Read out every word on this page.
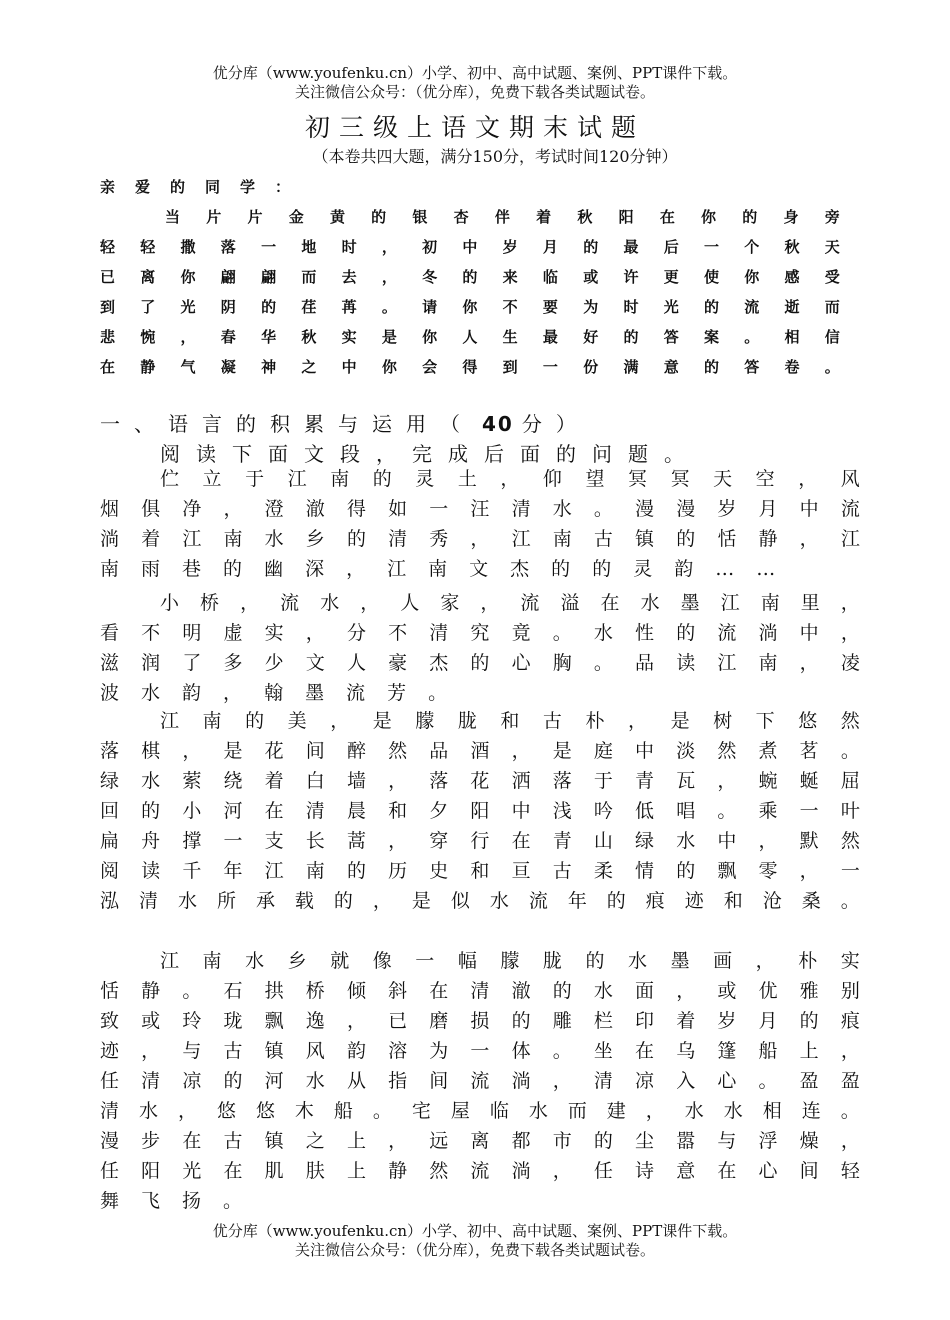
优分库（www.youfenku.cn）小学、初中、高中试题、案例、PPT课件下载。
关注微信公众号：（优分库），免费下载各类试题试卷。
初三级上语文期末试题
（本卷共四大题，满分150分，考试时间120分钟）
亲爱的同学：
当 片 片 金 黄 的 银 杏 伴 着 秋 阳 在 你 的 身 旁
轻 轻 撒 落 一 地 时 ， 初 中 岁 月 的 最 后 一 个 秋 天
已 离 你 翩 翩 而 去 ， 冬 的 来 临 或 许 更 使 你 感 受
到 了 光 阴 的 荏 苒 。 请 你 不 要 为 时 光 的 流 逝 而
悲 惋 ， 春 华 秋 实 是 你 人 生 最 好 的 答 案 。 相 信
在 静 气 凝 神 之 中 你 会 得 到 一 份 满 意 的 答 卷 。
一、语言的积累与运用（ 40 分）
阅读下面文段，完成后面的问题。
伫 立 于 江 南 的 灵 土 ， 仰 望 冥 冥 天 空 ， 风
烟 俱 净 ， 澄 澈 得 如 一 汪 清 水 。 漫 漫 岁 月 中 流
淌 着 江 南 水 乡 的 清 秀 ， 江 南 古 镇 的 恬 静 ， 江
南 雨 巷 的 幽 深 ， 江 南 文 杰 的 的 灵 韵 … …
小 桥 ， 流 水 ， 人 家 ， 流 溢 在 水 墨 江 南 里 ，
看 不 明 虚 实 ， 分 不 清 究 竟 。 水 性 的 流 淌 中 ，
滋 润 了 多 少 文 人 豪 杰 的 心 胸 。 品 读 江 南 ， 凌
波 水 韵 ， 翰 墨 流 芳 。
江 南 的 美 ， 是 朦 胧 和 古 朴 ， 是 树 下 悠 然
落 棋 ， 是 花 间 醉 然 品 酒 ， 是 庭 中 淡 然 煮 茗 。
绿 水 萦 绕 着 白 墙 ， 落 花 洒 落 于 青 瓦 ， 蜿 蜒 屈
回 的 小 河 在 清 晨 和 夕 阳 中 浅 吟 低 唱 。 乘 一 叶
扁 舟 撑 一 支 长 蒿 ， 穿 行 在 青 山 绿 水 中 ， 默 然
阅 读 千 年 江 南 的 历 史 和 亘 古 柔 情 的 飘 零 ， 一
泓 清 水 所 承 载 的 ， 是 似 水 流 年 的 痕 迹 和 沧 桑 。
江 南 水 乡 就 像 一 幅 朦 胧 的 水 墨 画 ， 朴 实
恬 静 。 石 拱 桥 倾 斜 在 清 澈 的 水 面 ， 或 优 雅 别
致 或 玲 珑 飘 逸 ， 已 磨 损 的 雕 栏 印 着 岁 月 的 痕
迹 ， 与 古 镇 风 韵 溶 为 一 体 。 坐 在 乌 篷 船 上 ，
任 清 凉 的 河 水 从 指 间 流 淌 ， 清 凉 入 心 。 盈 盈
清 水 ， 悠 悠 木 船 。 宅 屋 临 水 而 建 ， 水 水 相 连 。
漫 步 在 古 镇 之 上 ， 远 离 都 市 的 尘 嚣 与 浮 燥 ，
任 阳 光 在 肌 肤 上 静 然 流 淌 ， 任 诗 意 在 心 间 轻
舞 飞 扬 。
优分库（www.youfenku.cn）小学、初中、高中试题、案例、PPT课件下载。
关注微信公众号：（优分库），免费下载各类试题试卷。
